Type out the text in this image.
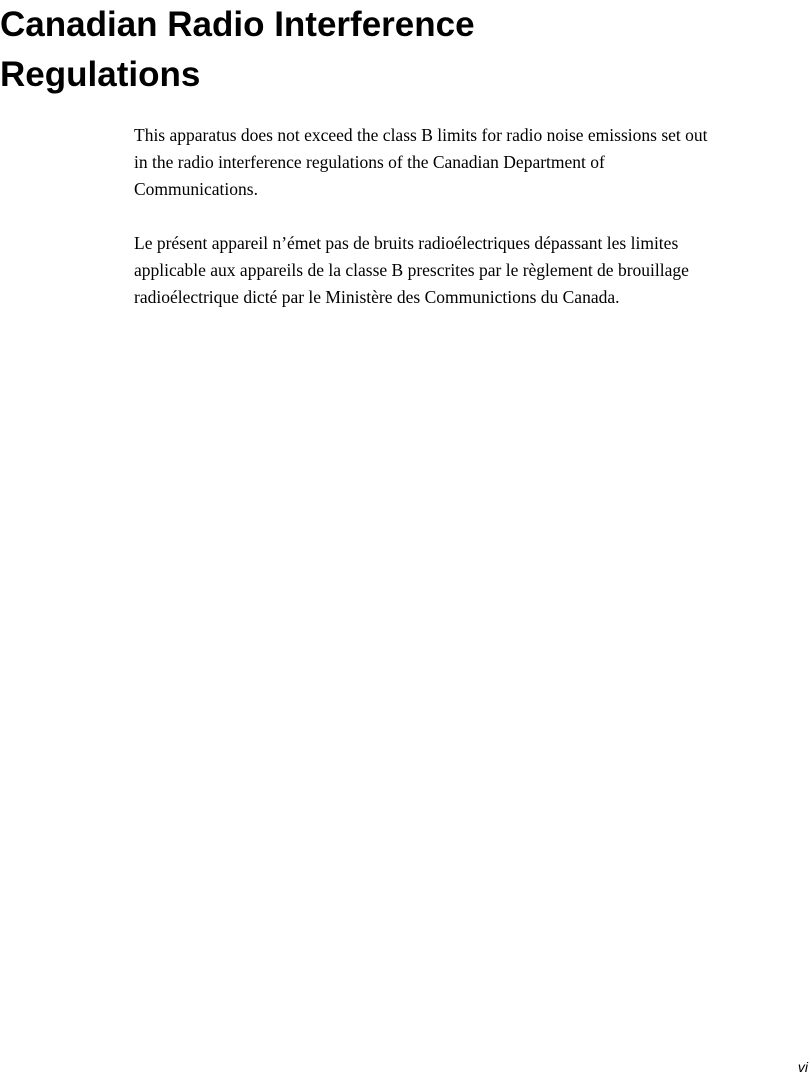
Canadian Radio Interference
Regulations

This apparatus does not exceed the class B limits for radio noise emissions set out
in the radio interference regulations of the Canadian Department of
Communications.

Le présent appareil n’émet pas de bruits radioélectriques dépassant les limites
applicable aux appareils de la classe B prescrites par le règlement de brouillage
radioélectrique dicté par le Ministère des Communictions du Canada.

vi
